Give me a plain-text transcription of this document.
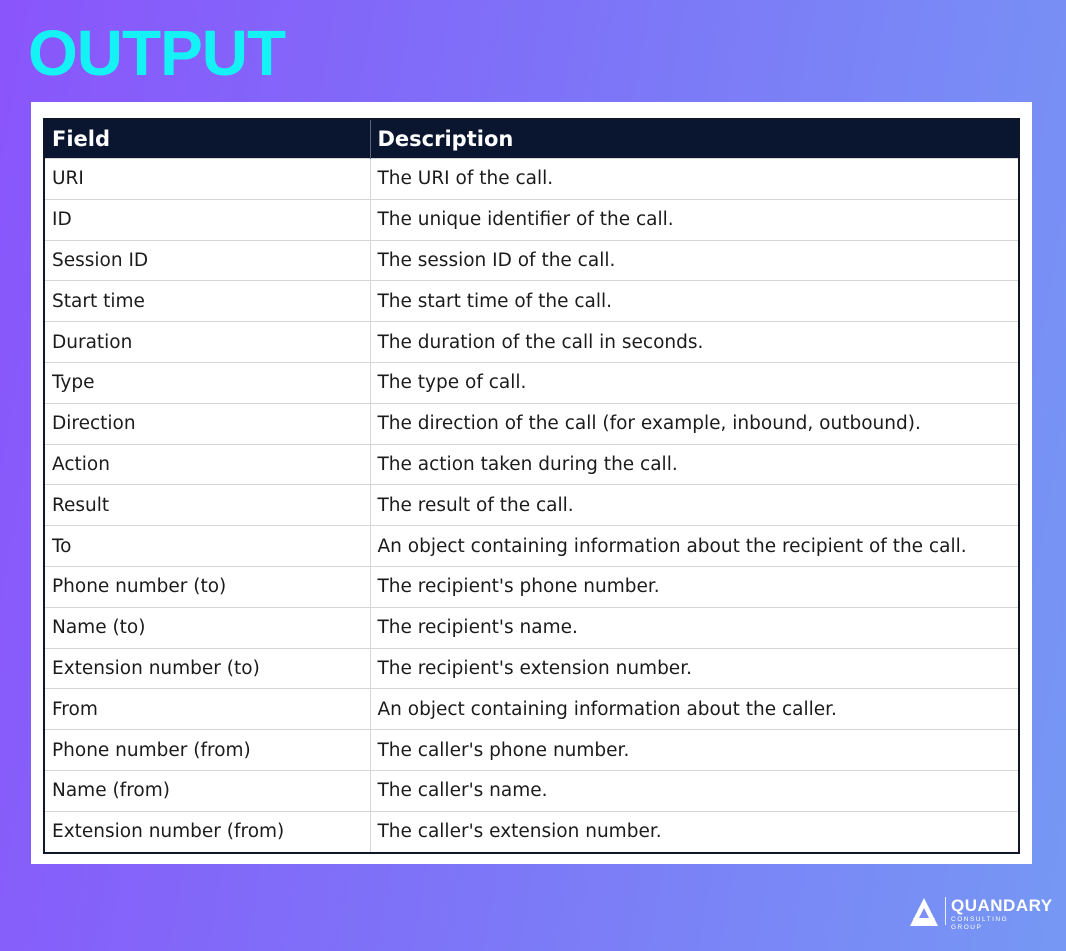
OUTPUT
Field	Description
URI	The URI of the call.
ID	The unique identifier of the call.
Session ID	The session ID of the call.
Start time	The start time of the call.
Duration	The duration of the call in seconds.
Type	The type of call.
Direction	The direction of the call (for example, inbound, outbound).
Action	The action taken during the call.
Result	The result of the call.
To	An object containing information about the recipient of the call.
Phone number (to)	The recipient's phone number.
Name (to)	The recipient's name.
Extension number (to)	The recipient's extension number.
From	An object containing information about the caller.
Phone number (from)	The caller's phone number.
Name (from)	The caller's name.
Extension number (from)	The caller's extension number.
QUANDARY
CONSULTING GROUP
